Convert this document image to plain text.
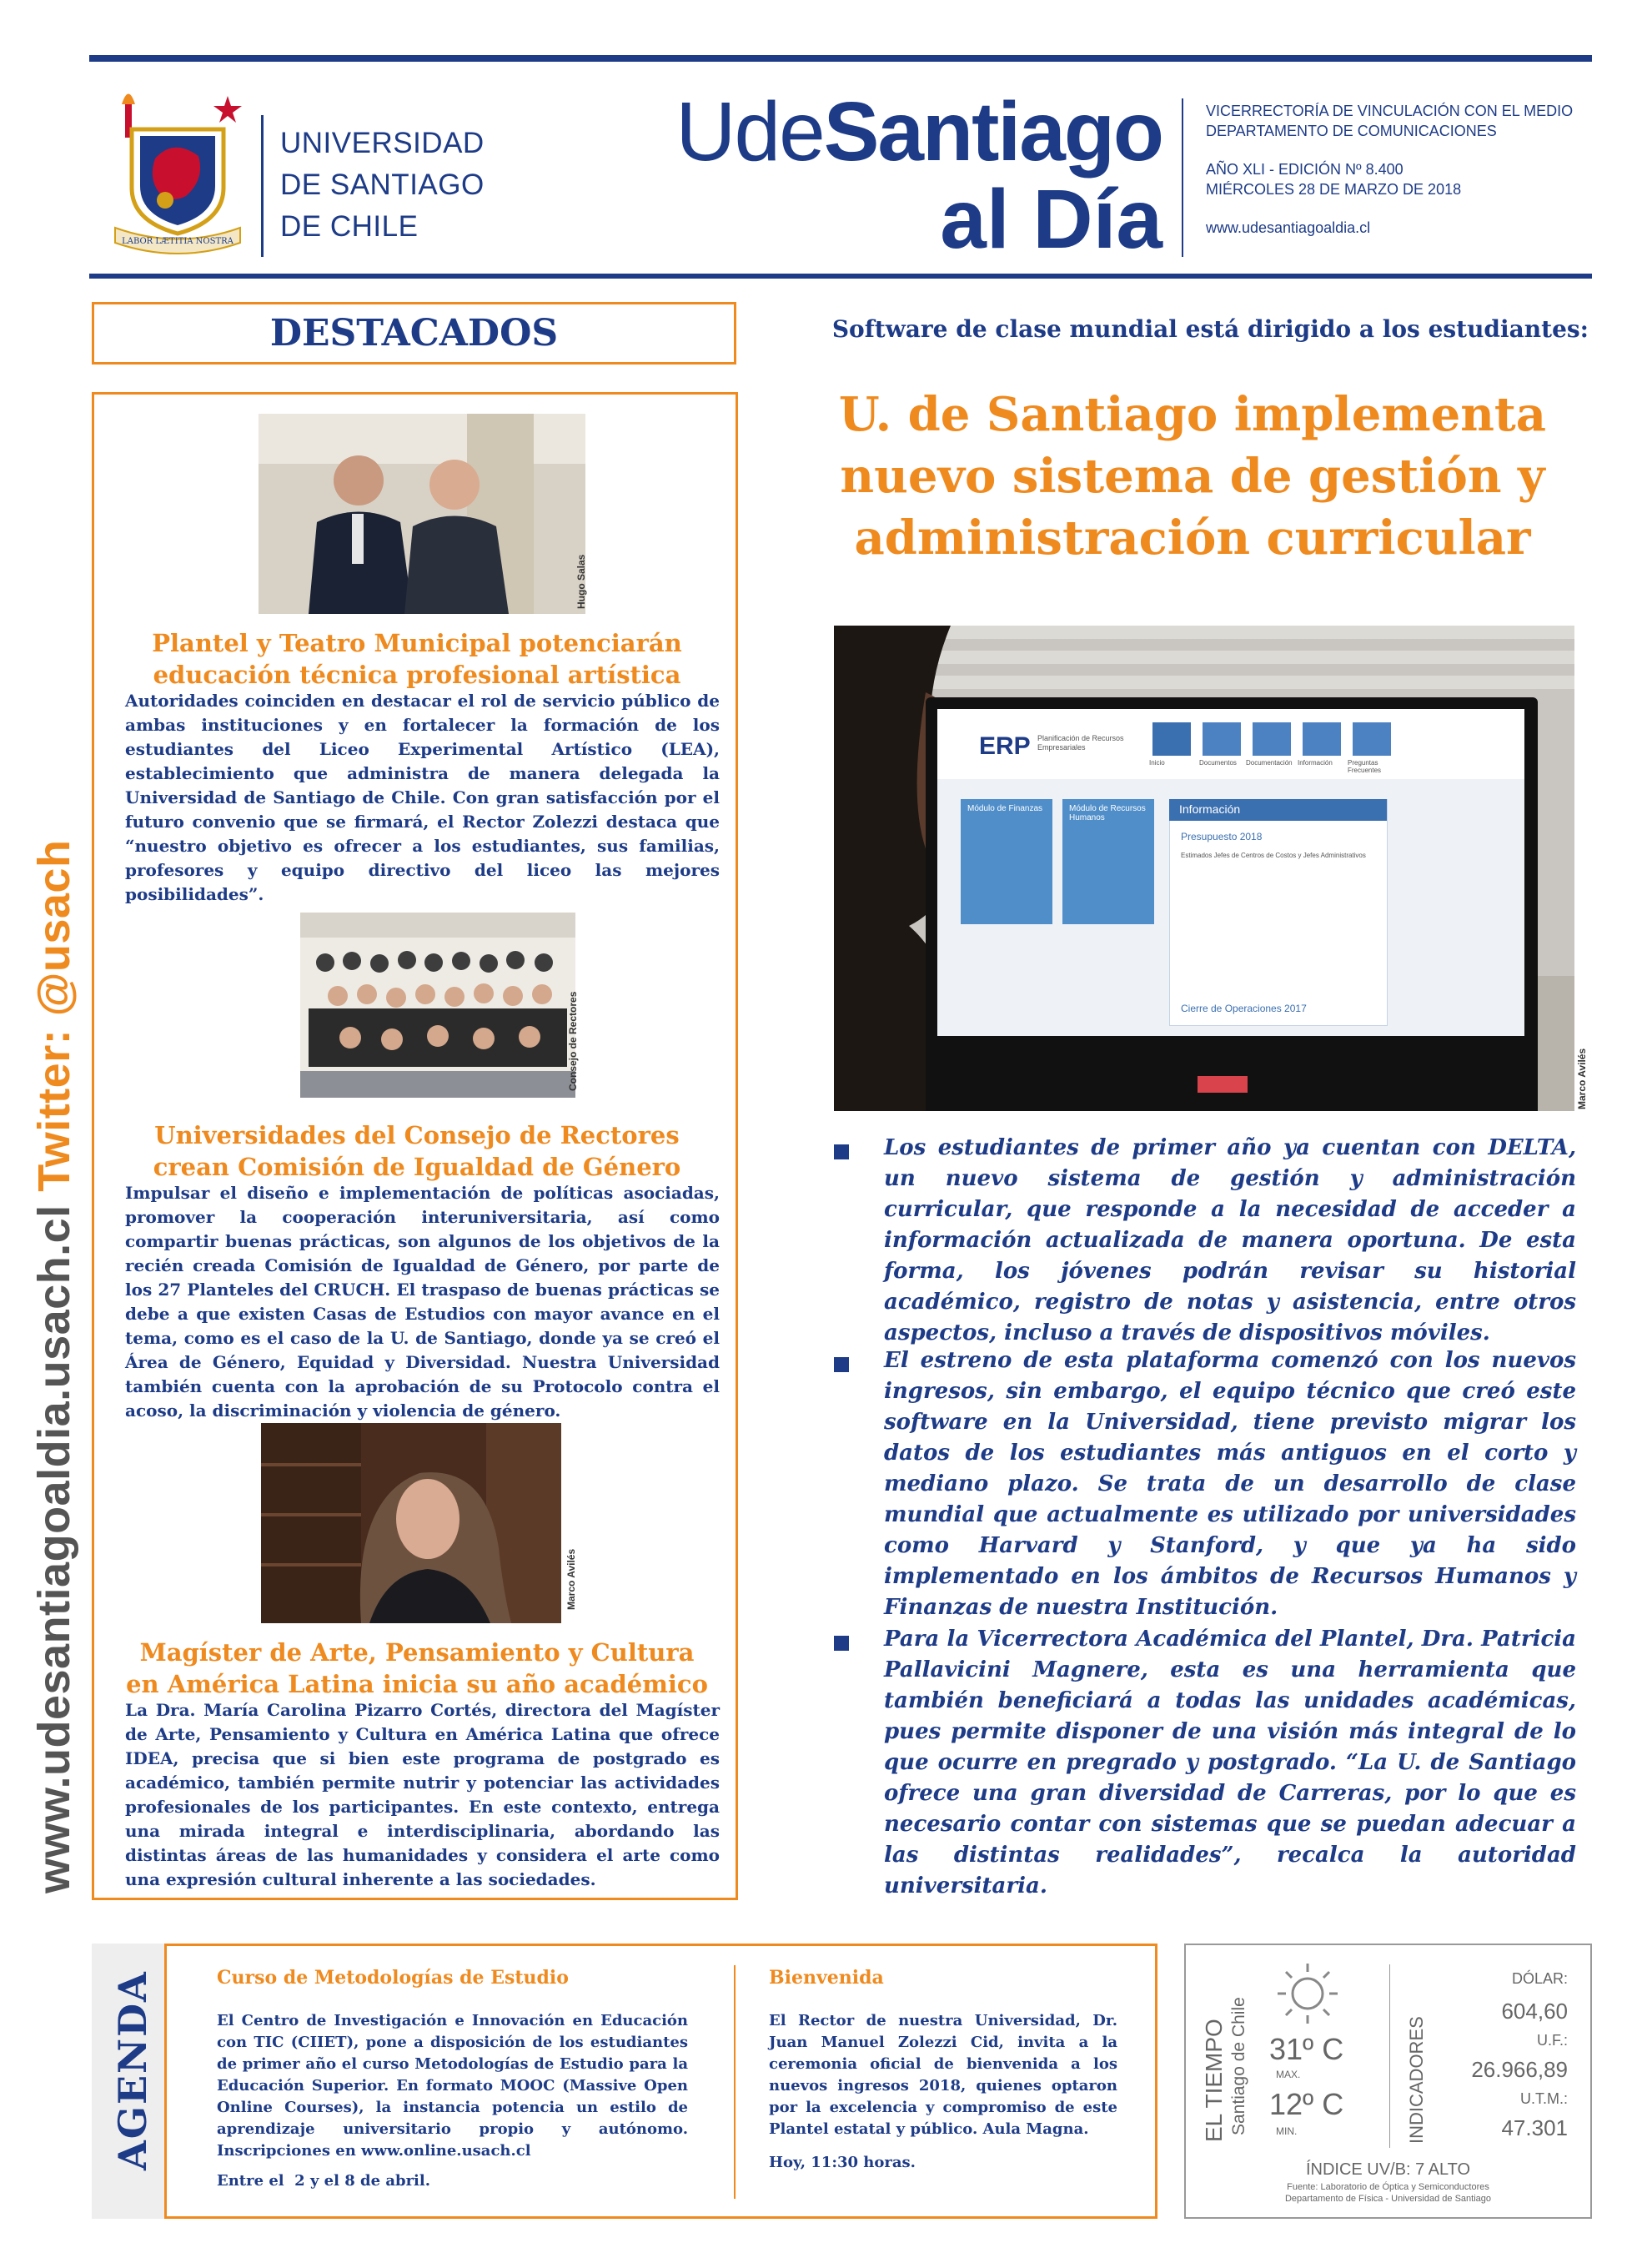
LABOR LÆTITIA NOSTRA
UNIVERSIDAD
DE SANTIAGO
DE CHILE
UdeSantiago
al Día
VICERRECTORÍA DE VINCULACIÓN CON EL MEDIO
DEPARTAMENTO DE COMUNICACIONES
AÑO XLI - EDICIÓN Nº 8.400
MIÉRCOLES 28 DE MARZO DE 2018
www.udesantiagoaldia.cl
www.udesantiagoaldia.usach.cl Twitter: @usach
DESTACADOS
Hugo Salas
Plantel y Teatro Municipal potenciarán
educación técnica profesional artística
Autoridades coinciden en destacar el rol de servicio público de ambas instituciones y en fortalecer la formación de los estudiantes del Liceo Experimental Artístico (LEA), establecimiento que administra de manera delegada la Universidad de Santiago de Chile. Con gran satisfacción por el futuro convenio que se firmará, el Rector Zolezzi destaca que “nuestro objetivo es ofrecer a los estudiantes, sus familias, profesores y equipo directivo del liceo las mejores posibilidades”.
Consejo de Rectores
Universidades del Consejo de Rectores
crean Comisión de Igualdad de Género
Impulsar el diseño e implementación de políticas asociadas, promover la cooperación interuniversitaria, así como compartir buenas prácticas, son algunos de los objetivos de la recién creada Comisión de Igualdad de Género, por parte de los 27 Planteles del CRUCH. El traspaso de buenas prácticas se debe a que existen Casas de Estudios con mayor avance en el tema, como es el caso de la U. de Santiago, donde ya se creó el Área de Género, Equidad y Diversidad. Nuestra Universidad también cuenta con la aprobación de su Protocolo contra el acoso, la discriminación y violencia de género.
Marco Avilés
Magíster de Arte, Pensamiento y Cultura
en América Latina inicia su año académico
La Dra. María Carolina Pizarro Cortés, directora del Magíster de Arte, Pensamiento y Cultura en América Latina que ofrece IDEA, precisa que si bien este programa de postgrado es académico, también permite nutrir y potenciar las actividades profesionales de los participantes. En este contexto, entrega una mirada integral e interdisciplinaria, abordando las distintas áreas de las humanidades y considera el arte como una expresión cultural inherente a las sociedades.
Software de clase mundial está dirigido a los estudiantes:
U. de Santiago implementa
nuevo sistema de gestión y
administración curricular
ERP Planificación de Recursos Empresariales
Inicio	Documentos Documentación Información Preguntas Frecuentes
Módulo de Finanzas	Módulo de Recursos Humanos
Información
Presupuesto 2018
Estimados Jefes de Centros de Costos y Jefes Administrativos
Cierre de Operaciones 2017
Marco Avilés
Los estudiantes de primer año ya cuentan con DELTA, un nuevo sistema de gestión y administración curricular, que responde a la necesidad de acceder a información actualizada de manera oportuna. De esta forma, los jóvenes podrán revisar su historial académico, registro de notas y asistencia, entre otros aspectos, incluso a través de dispositivos móviles.
El estreno de esta plataforma comenzó con los nuevos ingresos, sin embargo, el equipo técnico que creó este software en la Universidad, tiene previsto migrar los datos de los estudiantes más antiguos en el corto y mediano plazo. Se trata de un desarrollo de clase mundial que actualmente es utilizado por universidades como Harvard y Stanford, y que ya ha sido implementado en los ámbitos de Recursos Humanos y Finanzas de nuestra Institución.
Para la Vicerrectora Académica del Plantel, Dra. Patricia Pallavicini Magnere, esta es una herramienta que también beneficiará a todas las unidades académicas, pues permite disponer de una visión más integral de lo que ocurre en pregrado y postgrado. “La U. de Santiago ofrece una gran diversidad de Carreras, por lo que es necesario contar con sistemas que se puedan adecuar a las distintas realidades”, recalca la autoridad universitaria.
AGENDA	Curso de Metodologías de Estudio
El Centro de Investigación e Innovación en Educación con TIC (CIIET), pone a disposición de los estudiantes de primer año el curso Metodologías de Estudio para la Educación Superior. En formato MOOC (Massive Open Online Courses), la instancia potencia un estilo de aprendizaje universitario propio y autónomo. Inscripciones en www.online.usach.cl
Entre el  2 y el 8 de abril.
Bienvenida
El Rector de nuestra Universidad, Dr. Juan Manuel Zolezzi Cid, invita a la ceremonia oficial de bienvenida a los nuevos ingresos 2018, quienes optaron por la excelencia y compromiso de este Plantel estatal y público. Aula Magna.
Hoy, 11:30 horas.
EL TIEMPO Santiago de Chile 31º C
MAX.
12º C
MIN.	INDICADORES
DÓLAR:
604,60
U.F.:
26.966,89
U.T.M.:
47.301
ÍNDICE UV/B: 7 ALTO
Fuente: Laboratorio de Óptica y Semiconductores
Departamento de Física - Universidad de Santiago
